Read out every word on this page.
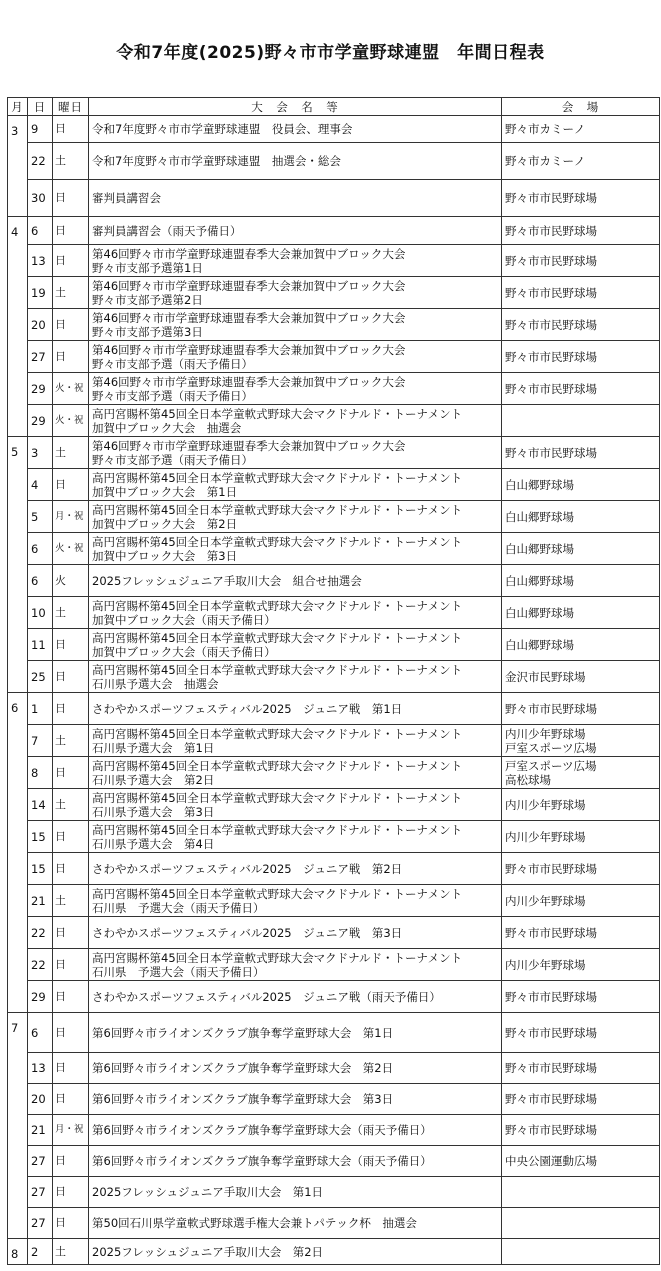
令和7年度(2025)野々市市学童野球連盟　年間日程表
月	日	曜日	大　会　名　等	会　場
3	9	日	令和7年度野々市市学童野球連盟　役員会、理事会	野々市カミーノ
	22	土	令和7年度野々市市学童野球連盟　抽選会・総会	野々市カミーノ
	30	日	審判員講習会	野々市市民野球場
4	6	日	審判員講習会（雨天予備日）	野々市市民野球場
	13	日	第46回野々市市学童野球連盟春季大会兼加賀中ブロック大会
野々市支部予選第1日	野々市市民野球場
	19	土	第46回野々市市学童野球連盟春季大会兼加賀中ブロック大会
野々市支部予選第2日	野々市市民野球場
	20	日	第46回野々市市学童野球連盟春季大会兼加賀中ブロック大会
野々市支部予選第3日	野々市市民野球場
	27	日	第46回野々市市学童野球連盟春季大会兼加賀中ブロック大会
野々市支部予選（雨天予備日）	野々市市民野球場
	29	火・祝	第46回野々市市学童野球連盟春季大会兼加賀中ブロック大会
野々市支部予選（雨天予備日）	野々市市民野球場
	29	火・祝	高円宮賜杯第45回全日本学童軟式野球大会マクドナルド・トーナメント
加賀中ブロック大会　抽選会	
5	3	土	第46回野々市市学童野球連盟春季大会兼加賀中ブロック大会
野々市支部予選（雨天予備日）	野々市市民野球場
	4	日	高円宮賜杯第45回全日本学童軟式野球大会マクドナルド・トーナメント
加賀中ブロック大会　第1日	白山郷野球場
	5	月・祝	高円宮賜杯第45回全日本学童軟式野球大会マクドナルド・トーナメント
加賀中ブロック大会　第2日	白山郷野球場
	6	火・祝	高円宮賜杯第45回全日本学童軟式野球大会マクドナルド・トーナメント
加賀中ブロック大会　第3日	白山郷野球場
	6	火	2025フレッシュジュニア手取川大会　組合せ抽選会	白山郷野球場
	10	土	高円宮賜杯第45回全日本学童軟式野球大会マクドナルド・トーナメント
加賀中ブロック大会（雨天予備日）	白山郷野球場
	11	日	高円宮賜杯第45回全日本学童軟式野球大会マクドナルド・トーナメント
加賀中ブロック大会（雨天予備日）	白山郷野球場
	25	日	高円宮賜杯第45回全日本学童軟式野球大会マクドナルド・トーナメント
石川県予選大会　抽選会	金沢市民野球場
6	1	日	さわやかスポーツフェスティバル2025　ジュニア戦　第1日	野々市市民野球場
	7	土	高円宮賜杯第45回全日本学童軟式野球大会マクドナルド・トーナメント
石川県予選大会　第1日	内川少年野球場
戸室スポーツ広場
	8	日	高円宮賜杯第45回全日本学童軟式野球大会マクドナルド・トーナメント
石川県予選大会　第2日	戸室スポーツ広場
高松球場
	14	土	高円宮賜杯第45回全日本学童軟式野球大会マクドナルド・トーナメント
石川県予選大会　第3日	内川少年野球場
	15	日	高円宮賜杯第45回全日本学童軟式野球大会マクドナルド・トーナメント
石川県予選大会　第4日	内川少年野球場
	15	日	さわやかスポーツフェスティバル2025　ジュニア戦　第2日	野々市市民野球場
	21	土	高円宮賜杯第45回全日本学童軟式野球大会マクドナルド・トーナメント
石川県　予選大会（雨天予備日）	内川少年野球場
	22	日	さわやかスポーツフェスティバル2025　ジュニア戦　第3日	野々市市民野球場
	22	日	高円宮賜杯第45回全日本学童軟式野球大会マクドナルド・トーナメント
石川県　予選大会（雨天予備日）	内川少年野球場
	29	日	さわやかスポーツフェスティバル2025　ジュニア戦（雨天予備日）	野々市市民野球場
7	6	日	第6回野々市ライオンズクラブ旗争奪学童野球大会　第1日	野々市市民野球場
	13	日	第6回野々市ライオンズクラブ旗争奪学童野球大会　第2日	野々市市民野球場
	20	日	第6回野々市ライオンズクラブ旗争奪学童野球大会　第3日	野々市市民野球場
	21	月・祝	第6回野々市ライオンズクラブ旗争奪学童野球大会（雨天予備日）	野々市市民野球場
	27	日	第6回野々市ライオンズクラブ旗争奪学童野球大会（雨天予備日）	中央公園運動広場
	27	日	2025フレッシュジュニア手取川大会　第1日	
	27	日	第50回石川県学童軟式野球選手権大会兼トパテック杯　抽選会	
8	2	土	2025フレッシュジュニア手取川大会　第2日	
